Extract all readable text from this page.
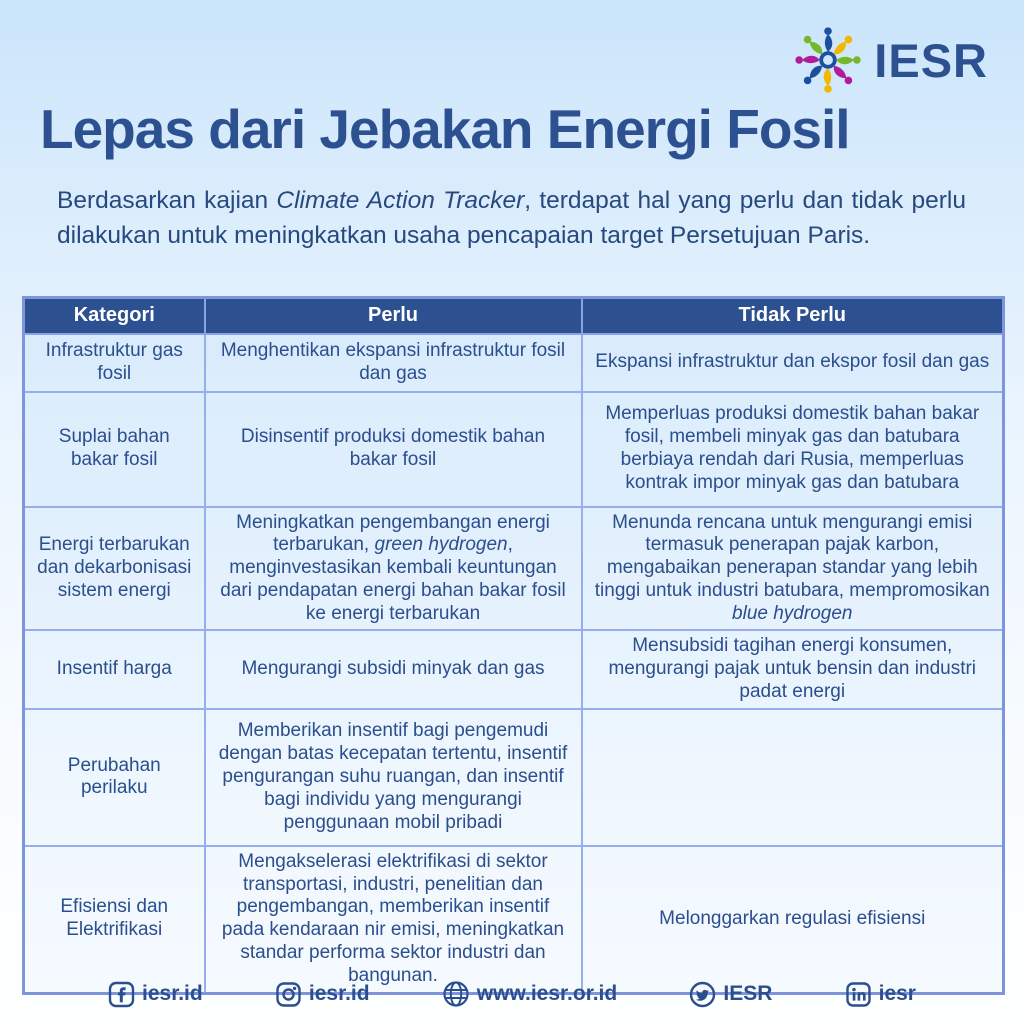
IESR
Lepas dari Jebakan Energi Fosil

Berdasarkan kajian Climate Action Tracker, terdapat hal yang perlu dan tidak perlu dilakukan untuk meningkatkan usaha pencapaian target Persetujuan Paris.

Kategori	Perlu	Tidak Perlu
Infrastruktur gas fosil	Menghentikan ekspansi infrastruktur fosil dan gas	Ekspansi infrastruktur dan ekspor fosil dan gas
Suplai bahan bakar fosil	Disinsentif produksi domestik bahan bakar fosil	Memperluas produksi domestik bahan bakar fosil, membeli minyak gas dan batubara berbiaya rendah dari Rusia, memperluas kontrak impor minyak gas dan batubara
Energi terbarukan dan dekarbonisasi sistem energi	Meningkatkan pengembangan energi terbarukan, green hydrogen, menginvestasikan kembali keuntungan dari pendapatan energi bahan bakar fosil ke energi terbarukan	Menunda rencana untuk mengurangi emisi termasuk penerapan pajak karbon, mengabaikan penerapan standar yang lebih tinggi untuk industri batubara, mempromosikan blue hydrogen
Insentif harga	Mengurangi subsidi minyak dan gas	Mensubsidi tagihan energi konsumen, mengurangi pajak untuk bensin dan industri padat energi
Perubahan perilaku	Memberikan insentif bagi pengemudi dengan batas kecepatan tertentu, insentif pengurangan suhu ruangan, dan insentif bagi individu yang mengurangi penggunaan mobil pribadi	
Efisiensi dan Elektrifikasi	Mengakselerasi elektrifikasi di sektor transportasi, industri, penelitian dan pengembangan, memberikan insentif pada kendaraan nir emisi, meningkatkan standar performa sektor industri dan bangunan.	Melonggarkan regulasi efisiensi
iesr.id	iesr.id	www.iesr.or.id	IESR	iesr
